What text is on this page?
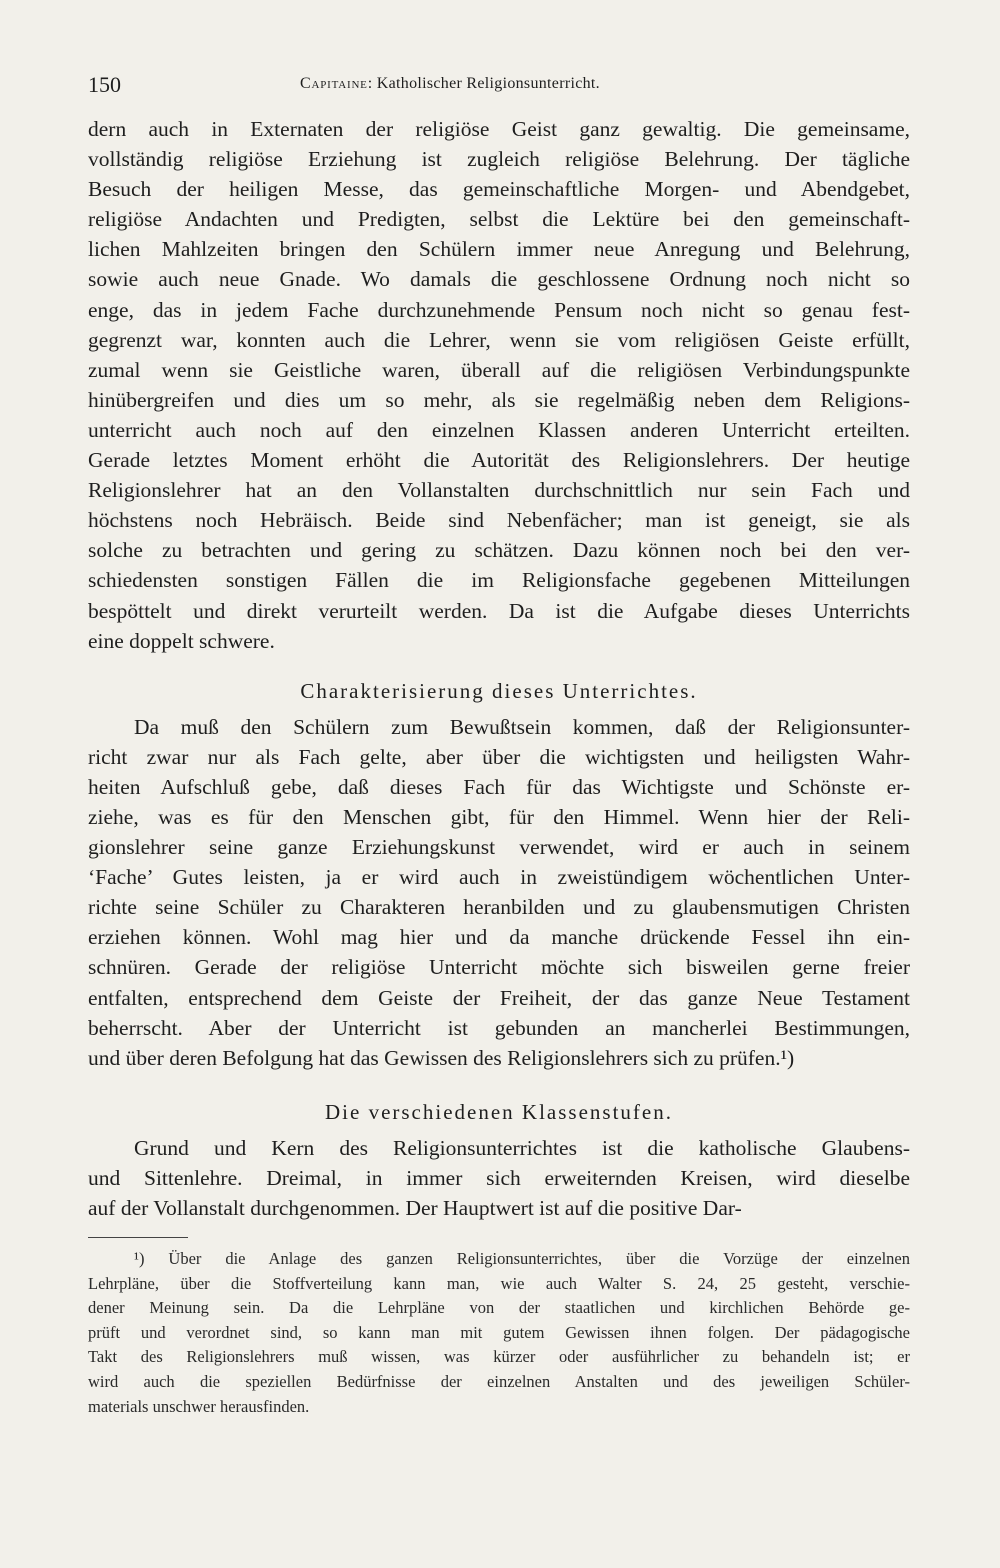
150	Capitaine: Katholischer Religionsunterricht.
dern auch in Externaten der religiöse Geist ganz gewaltig. Die gemeinsame,
vollständig religiöse Erziehung ist zugleich religiöse Belehrung. Der tägliche
Besuch der heiligen Messe, das gemeinschaftliche Morgen- und Abendgebet,
religiöse Andachten und Predigten, selbst die Lektüre bei den gemeinschaft-
lichen Mahlzeiten bringen den Schülern immer neue Anregung und Belehrung,
sowie auch neue Gnade. Wo damals die geschlossene Ordnung noch nicht so
enge, das in jedem Fache durchzunehmende Pensum noch nicht so genau fest-
gegrenzt war, konnten auch die Lehrer, wenn sie vom religiösen Geiste erfüllt,
zumal wenn sie Geistliche waren, überall auf die religiösen Verbindungspunkte
hinübergreifen und dies um so mehr, als sie regelmäßig neben dem Religions-
unterricht auch noch auf den einzelnen Klassen anderen Unterricht erteilten.
Gerade letztes Moment erhöht die Autorität des Religionslehrers. Der heutige
Religionslehrer hat an den Vollanstalten durchschnittlich nur sein Fach und
höchstens noch Hebräisch. Beide sind Nebenfächer; man ist geneigt, sie als
solche zu betrachten und gering zu schätzen. Dazu können noch bei den ver-
schiedensten sonstigen Fällen die im Religionsfache gegebenen Mitteilungen
bespöttelt und direkt verurteilt werden. Da ist die Aufgabe dieses Unterrichts
eine doppelt schwere.
Charakterisierung dieses Unterrichtes.
Da muß den Schülern zum Bewußtsein kommen, daß der Religionsunter-
richt zwar nur als Fach gelte, aber über die wichtigsten und heiligsten Wahr-
heiten Aufschluß gebe, daß dieses Fach für das Wichtigste und Schönste er-
ziehe, was es für den Menschen gibt, für den Himmel. Wenn hier der Reli-
gionslehrer seine ganze Erziehungskunst verwendet, wird er auch in seinem
‘Fache’ Gutes leisten, ja er wird auch in zweistündigem wöchentlichen Unter-
richte seine Schüler zu Charakteren heranbilden und zu glaubensmutigen Christen
erziehen können. Wohl mag hier und da manche drückende Fessel ihn ein-
schnüren. Gerade der religiöse Unterricht möchte sich bisweilen gerne freier
entfalten, entsprechend dem Geiste der Freiheit, der das ganze Neue Testament
beherrscht. Aber der Unterricht ist gebunden an mancherlei Bestimmungen,
und über deren Befolgung hat das Gewissen des Religionslehrers sich zu prüfen.¹)
Die verschiedenen Klassenstufen.
Grund und Kern des Religionsunterrichtes ist die katholische Glaubens-
und Sittenlehre. Dreimal, in immer sich erweiternden Kreisen, wird dieselbe
auf der Vollanstalt durchgenommen. Der Hauptwert ist auf die positive Dar-
¹) Über die Anlage des ganzen Religionsunterrichtes, über die Vorzüge der einzelnen
Lehrpläne, über die Stoffverteilung kann man, wie auch Walter S. 24, 25 gesteht, verschie-
dener Meinung sein. Da die Lehrpläne von der staatlichen und kirchlichen Behörde ge-
prüft und verordnet sind, so kann man mit gutem Gewissen ihnen folgen. Der pädagogische
Takt des Religionslehrers muß wissen, was kürzer oder ausführlicher zu behandeln ist; er
wird auch die speziellen Bedürfnisse der einzelnen Anstalten und des jeweiligen Schüler-
materials unschwer herausfinden.
